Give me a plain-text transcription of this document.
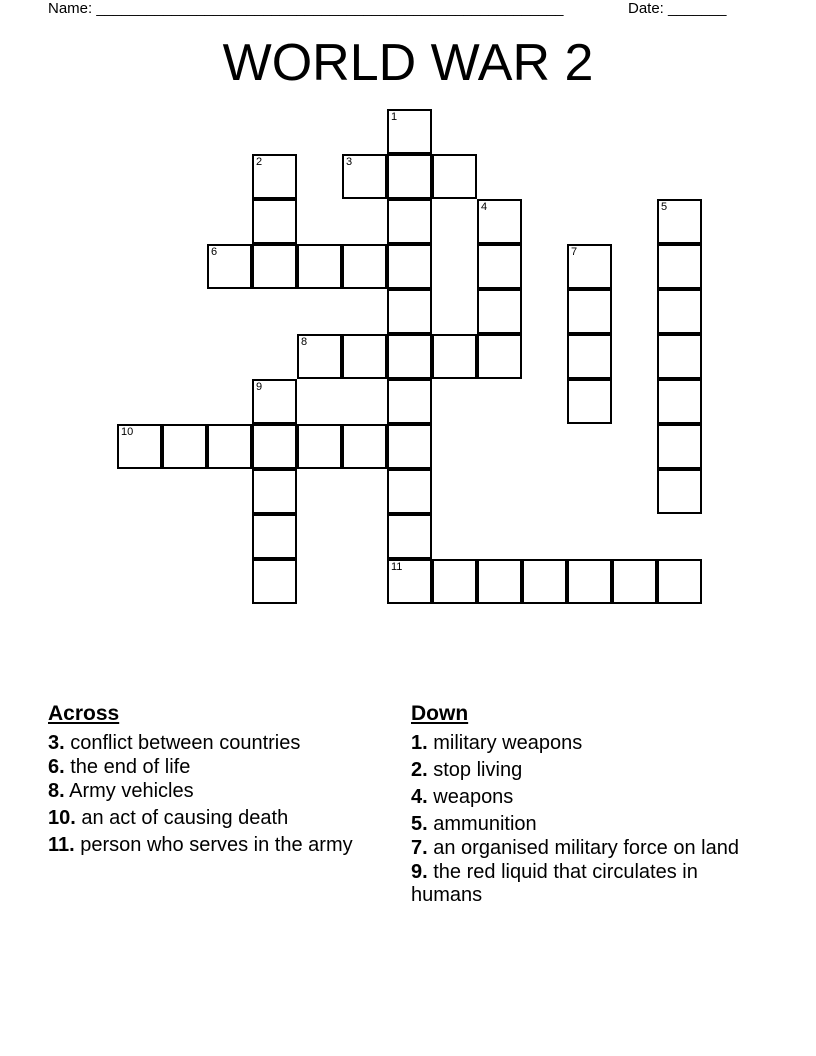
Name: ________________________________________________________	Date: _______
WORLD WAR 2
1
2	3
4	5
6	7
8
9
10
11
Across
3. conflict between countries
6. the end of life
8. Army vehicles
10. an act of causing death
11. person who serves in the army
Down
1. military weapons
2. stop living
4. weapons
5. ammunition
7. an organised military force on land
9. the red liquid that circulates in humans
